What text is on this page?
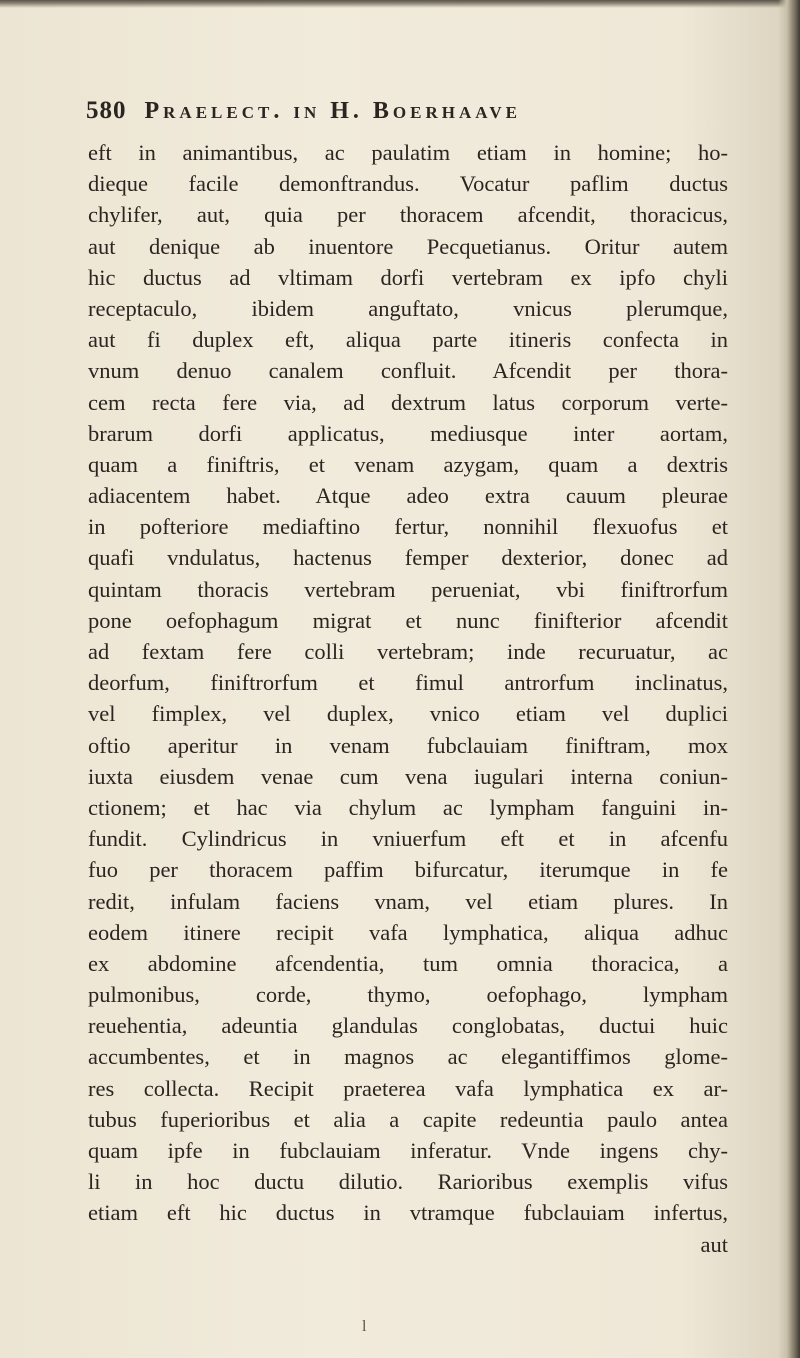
580 Praelect. in H. Boerhaave
eft in animantibus, ac paulatim etiam in homine; ho-
dieque facile demonftrandus. Vocatur paflim ductus
chylifer, aut, quia per thoracem afcendit, thoracicus,
aut denique ab inuentore Pecquetianus. Oritur autem
hic ductus ad vltimam dorfi vertebram ex ipfo chyli
receptaculo, ibidem anguftato, vnicus plerumque,
aut fi duplex eft, aliqua parte itineris confecta in
vnum denuo canalem confluit. Afcendit per thora-
cem recta fere via, ad dextrum latus corporum verte-
brarum dorfi applicatus, mediusque inter aortam,
quam a finiftris, et venam azygam, quam a dextris
adiacentem habet. Atque adeo extra cauum pleurae
in pofteriore mediaftino fertur, nonnihil flexuofus et
quafi vndulatus, hactenus femper dexterior, donec ad
quintam thoracis vertebram perueniat, vbi finiftrorfum
pone oefophagum migrat et nunc finifterior afcendit
ad fextam fere colli vertebram; inde recuruatur, ac
deorfum, finiftrorfum et fimul antrorfum inclinatus,
vel fimplex, vel duplex, vnico etiam vel duplici
oftio aperitur in venam fubclauiam finiftram, mox
iuxta eiusdem venae cum vena iugulari interna coniun-
ctionem; et hac via chylum ac lympham fanguini in-
fundit. Cylindricus in vniuerfum eft et in afcenfu
fuo per thoracem paffim bifurcatur, iterumque in fe
redit, infulam faciens vnam, vel etiam plures. In
eodem itinere recipit vafa lymphatica, aliqua adhuc
ex abdomine afcendentia, tum omnia thoracica, a
pulmonibus, corde, thymo, oefophago, lympham
reuehentia, adeuntia glandulas conglobatas, ductui huic
accumbentes, et in magnos ac elegantiffimos glome-
res collecta. Recipit praeterea vafa lymphatica ex ar-
tubus fuperioribus et alia a capite redeuntia paulo antea
quam ipfe in fubclauiam inferatur. Vnde ingens chy-
li in hoc ductu dilutio. Rarioribus exemplis vifus
etiam eft hic ductus in vtramque fubclauiam infertus,
aut
l
